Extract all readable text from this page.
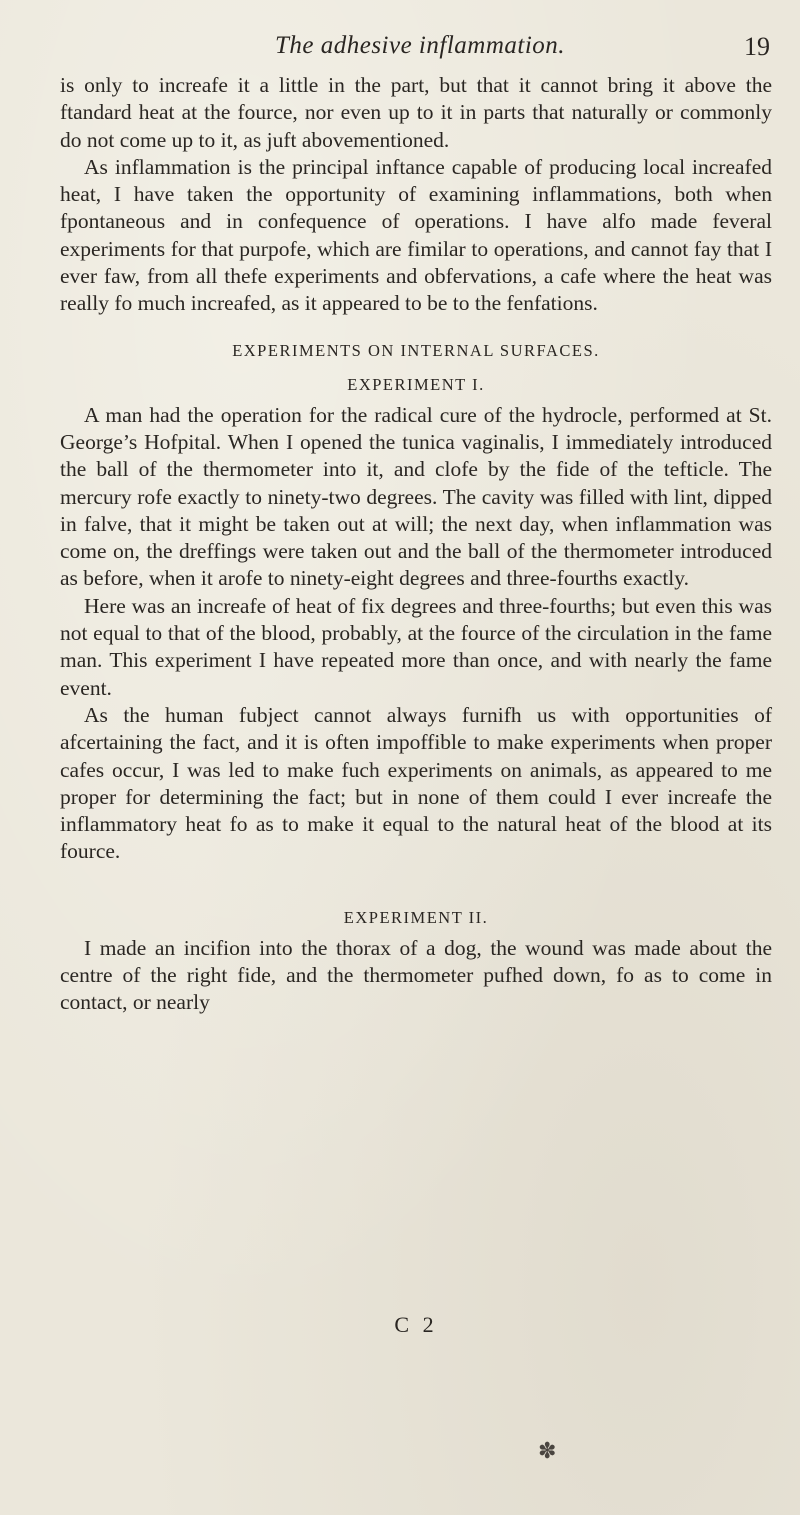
The adhesive inflammation.	19

is only to increafe it a little in the part, but that it cannot bring it above the ftandard heat at the fource, nor even up to it in parts that naturally or commonly do not come up to it, as juft abovementioned.

As inflammation is the principal inftance capable of producing local increafed heat, I have taken the opportunity of examining inflammations, both when fpontaneous and in confequence of operations. I have alfo made feveral experiments for that purpofe, which are fimilar to operations, and cannot fay that I ever faw, from all thefe experiments and obfervations, a cafe where the heat was really fo much increafed, as it appeared to be to the fenfations.

EXPERIMENTS ON INTERNAL SURFACES.
EXPERIMENT I.

A man had the operation for the radical cure of the hydrocle, performed at St. George’s Hofpital. When I opened the tunica vaginalis, I immediately introduced the ball of the thermometer into it, and clofe by the fide of the tefticle. The mercury rofe exactly to ninety-two degrees. The cavity was filled with lint, dipped in falve, that it might be taken out at will; the next day, when inflammation was come on, the dreffings were taken out and the ball of the thermometer introduced as before, when it arofe to ninety-eight degrees and three-fourths exactly.

Here was an increafe of heat of fix degrees and three-fourths; but even this was not equal to that of the blood, probably, at the fource of the circulation in the fame man. This experiment I have repeated more than once, and with nearly the fame event.

As the human fubject cannot always furnifh us with opportunities of afcertaining the fact, and it is often impoffible to make experiments when proper cafes occur, I was led to make fuch experiments on animals, as appeared to me proper for determining the fact; but in none of them could I ever increafe the inflammatory heat fo as to make it equal to the natural heat of the blood at its fource.

EXPERIMENT II.

I made an incifion into the thorax of a dog, the wound was made about the centre of the right fide, and the thermometer pufhed down, fo as to come in contact, or nearly

C 2
✽
